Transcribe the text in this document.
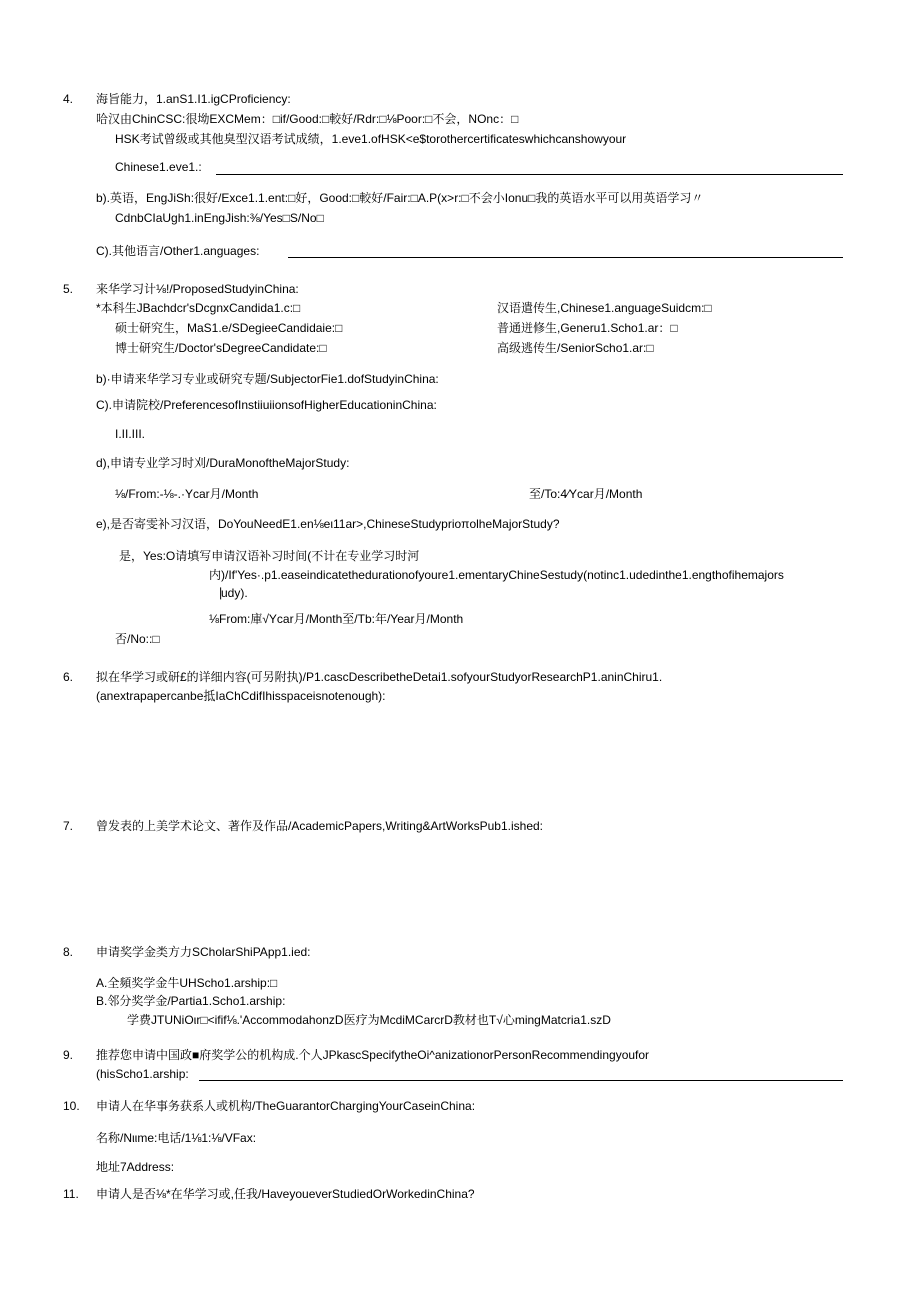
4.	海旨能力，1.anS1.I1.igCProficiency:
哈汉由ChinCSC:很坳EXCMem：□if/Good:□較好/Rdr:□⅛Poor:□不会，NOnc：□
HSK考试曾级或其他臭型汉语考试成绩，1.eve1.ofHSK<e$torothercertificateswhichcanshowyour
Chinese1.eve1.:
b).英语，EngJiSh:很好/Exce1.1.ent:□好，Good:□較好/Fair:□A.P(x>r:□不会小Ionu□我的英语水平可以用英语学习〃
CdnbCIaUgh1.inEngJish:⅜/Yes□S/No□
C).其他语言/Other1.anguages:
5.	来华学习计⅛!/ProposedStudyinChina:
*本科生JBachdcr'sDcgnxCandida1.c:□	汉语遣传生,Chinese1.anguageSuidcm:□
硕士研究生，MaS1.e/SDegieeCandidaie:□	普通迸修生,Generu1.Scho1.ar：□
博士研究生/Doctor'sDegreeCandidate:□	高级逃传生/SeniorScho1.ar:□
b)·申请来华学习专业或研究专题/SubjectorFie1.dofStudyinChina:
C).申请院校/PreferencesofInstiiuiionsofHigherEducationinChina:
I.II.III.
d),申请专业学习时刈/DuraMonoftheMajorStudy:
⅛/From:-⅛-.·Ycar月/Month	至/To:4∕Ycar月/Month
e),是否寄雯补习汉语，DoYouNeedE1.en⅛eι11ar>,ChineseStudyprioπolheMajorStudy?
是，Yes:O请填写申请汉语补习时间(不计在专业学习时河
内)/If'Yes·.p1.easeindicatethedurationofyoure1.ementaryChineSestudy(notinc1.udedinthe1.engthofihemajors
⎹udy).
⅛From:庫√Ycar月/Month至/Tb:年/Year月/Month
否/No::□
6.	拟在华学习或研£的详细内容(可另附执)/P1.cascDescribetheDetai1.sofyourStudyorResearchP1.aninChiru1.
(anextrapapercanbe抵IaChCdifIhisspaceisnotenough):
7.	曾发表的上美学术论文、著作及作品/AcademicPapers,Writing&ArtWorksPub1.ished:
8.	申请奖学金类方力SCholarShiPApp1.ied:
A.全頻奖学金牛UHScho1.arship:□
B.邻分奖学金/Partia1.Scho1.arship:
学费JTUNiOιr□<ifif⅛.'AccommodahonzD医疗为McdiMCarcrD教材也T√心mingMatcria1.szD
9.	推荐您申请中国政■府奖学公的机构成.个人JPkascSpecifytheOi^anizationorPersonRecommendingyoufor
(hisScho1.arship:
10.	申请人在华事务获系人或机构/TheGuarantorChargingYourCaseinChina:
名称/Nιιme:电话/1⅛1:⅛/VFax:
地址7Address:
11.	申请人是否⅛*在华学习或,任我/HaveyoueverStudiedOrWorkedinChina?
